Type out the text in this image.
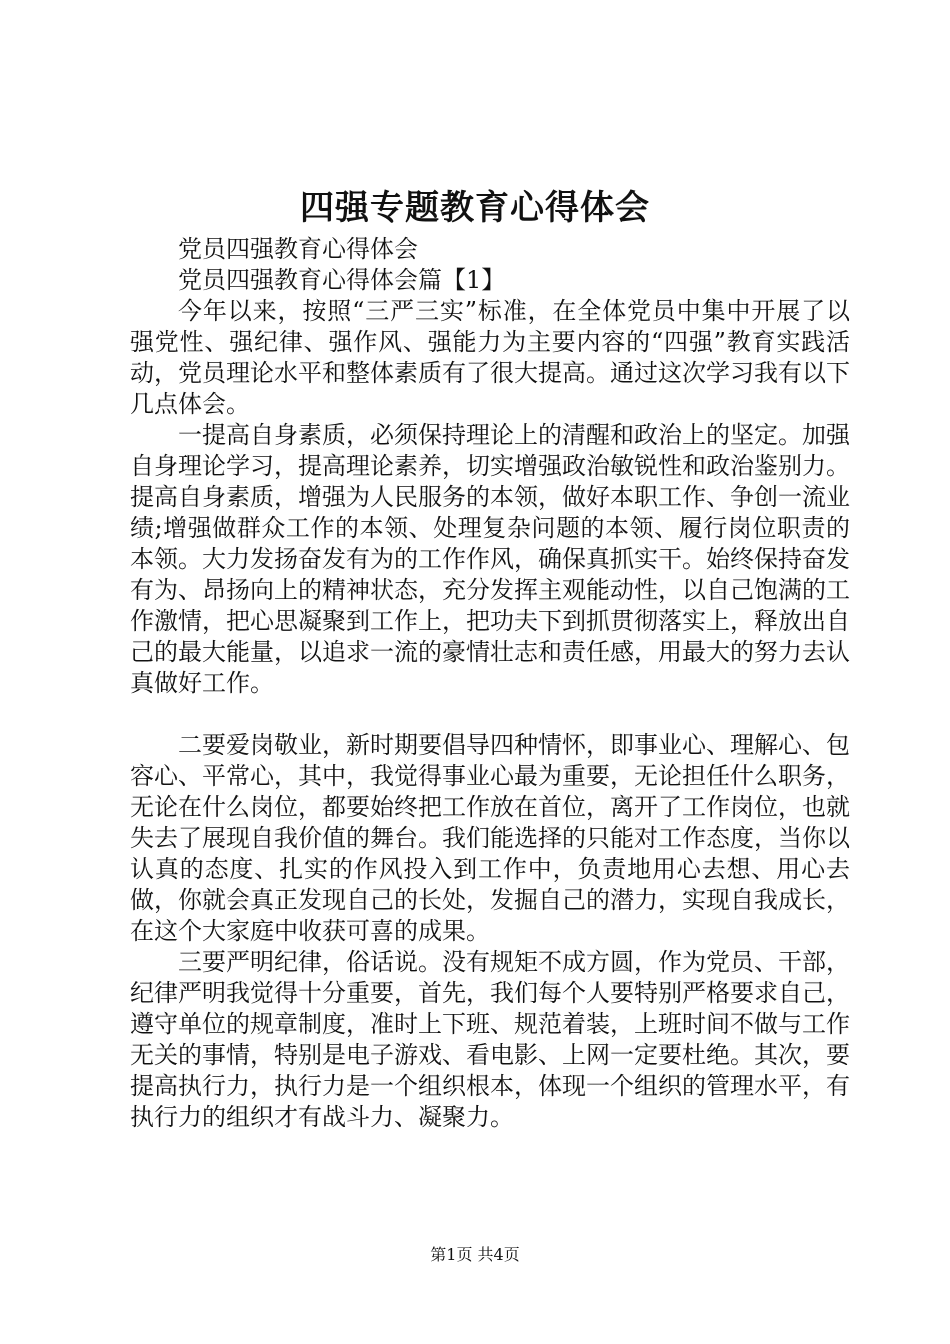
四强专题教育心得体会

党员四强教育心得体会

党员四强教育心得体会篇【1】

今年以来，按照“三严三实”标准，在全体党员中集中开展了以强党性、强纪律、强作风、强能力为主要内容的“四强”教育实践活动，党员理论水平和整体素质有了很大提高。通过这次学习我有以下几点体会。

一提高自身素质，必须保持理论上的清醒和政治上的坚定。加强自身理论学习，提高理论素养，切实增强政治敏锐性和政治鉴别力。提高自身素质，增强为人民服务的本领，做好本职工作、争创一流业绩;增强做群众工作的本领、处理复杂问题的本领、履行岗位职责的本领。大力发扬奋发有为的工作作风，确保真抓实干。始终保持奋发有为、昂扬向上的精神状态，充分发挥主观能动性，以自己饱满的工作激情，把心思凝聚到工作上，把功夫下到抓贯彻落实上，释放出自己的最大能量，以追求一流的豪情壮志和责任感，用最大的努力去认真做好工作。

二要爱岗敬业，新时期要倡导四种情怀，即事业心、理解心、包容心、平常心，其中，我觉得事业心最为重要，无论担任什么职务，无论在什么岗位，都要始终把工作放在首位，离开了工作岗位，也就失去了展现自我价值的舞台。我们能选择的只能对工作态度，当你以认真的态度、扎实的作风投入到工作中，负责地用心去想、用心去做，你就会真正发现自己的长处，发掘自己的潜力，实现自我成长，在这个大家庭中收获可喜的成果。

三要严明纪律，俗话说。没有规矩不成方圆，作为党员、干部，纪律严明我觉得十分重要，首先，我们每个人要特别严格要求自己，遵守单位的规章制度，准时上下班、规范着装，上班时间不做与工作无关的事情，特别是电子游戏、看电影、上网一定要杜绝。其次，要提高执行力，执行力是一个组织根本，体现一个组织的管理水平，有执行力的组织才有战斗力、凝聚力。

第1页 共4页
